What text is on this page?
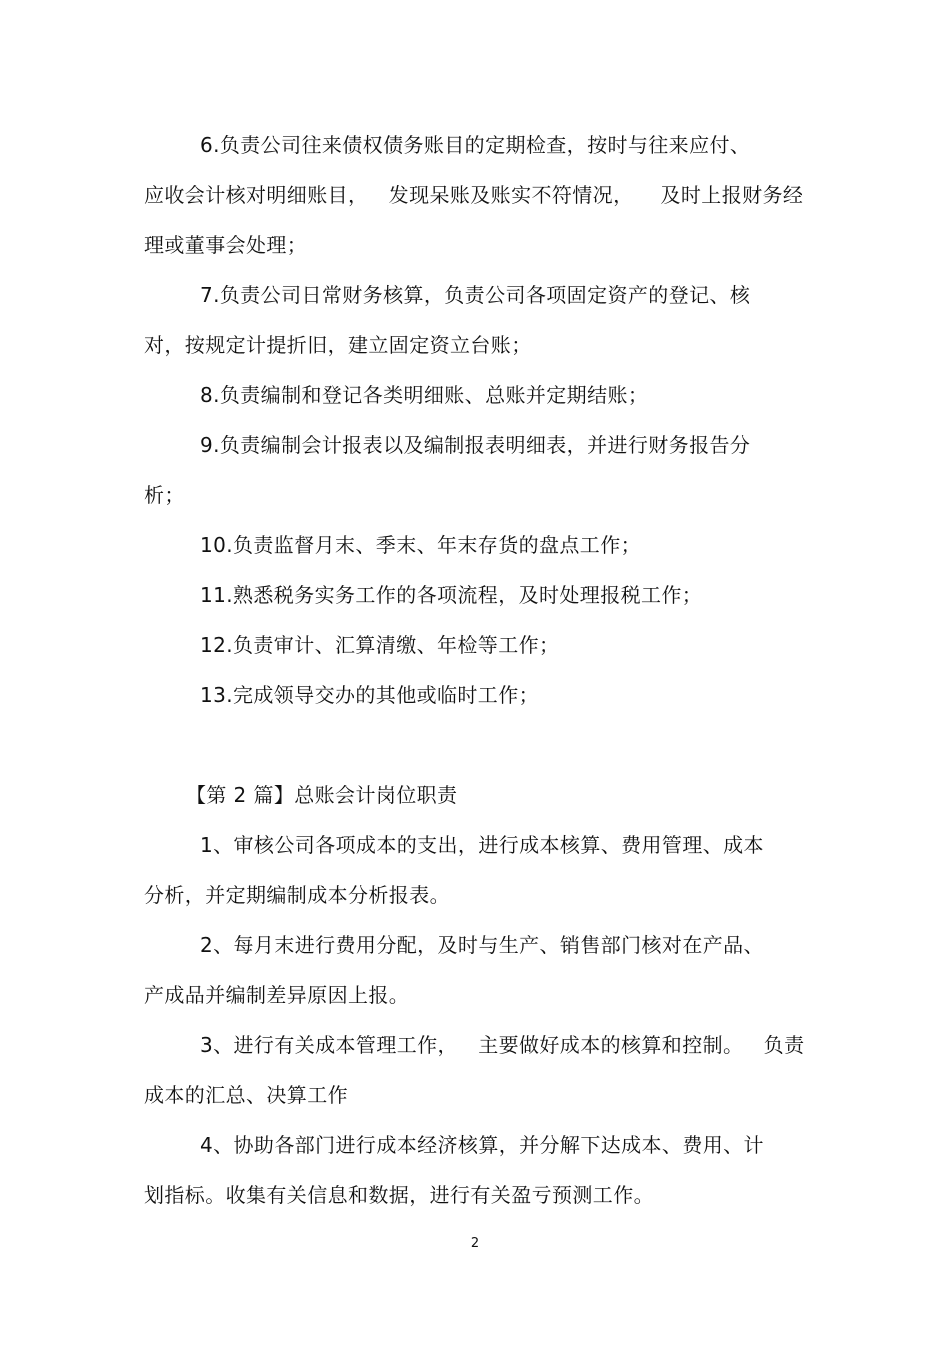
6.负责公司往来债权债务账目的定期检查，按时与往来应付、
应收会计核对明细账目，   发现呆账及账实不符情况，    及时上报财务经
理或董事会处理；
7.负责公司日常财务核算，负责公司各项固定资产的登记、核
对，按规定计提折旧，建立固定资立台账；
8.负责编制和登记各类明细账、总账并定期结账；
9.负责编制会计报表以及编制报表明细表，并进行财务报告分
析；
10.负责监督月末、季末、年末存货的盘点工作；
11.熟悉税务实务工作的各项流程，及时处理报税工作；
12.负责审计、汇算清缴、年检等工作；
13.完成领导交办的其他或临时工作；
【第 2 篇】总账会计岗位职责
1、审核公司各项成本的支出，进行成本核算、费用管理、成本
分析，并定期编制成本分析报表。
2、每月末进行费用分配，及时与生产、销售部门核对在产品、
产成品并编制差异原因上报。
3、进行有关成本管理工作，   主要做好成本的核算和控制。   负责
成本的汇总、决算工作
4、协助各部门进行成本经济核算，并分解下达成本、费用、计
划指标。收集有关信息和数据，进行有关盈亏预测工作。
2
